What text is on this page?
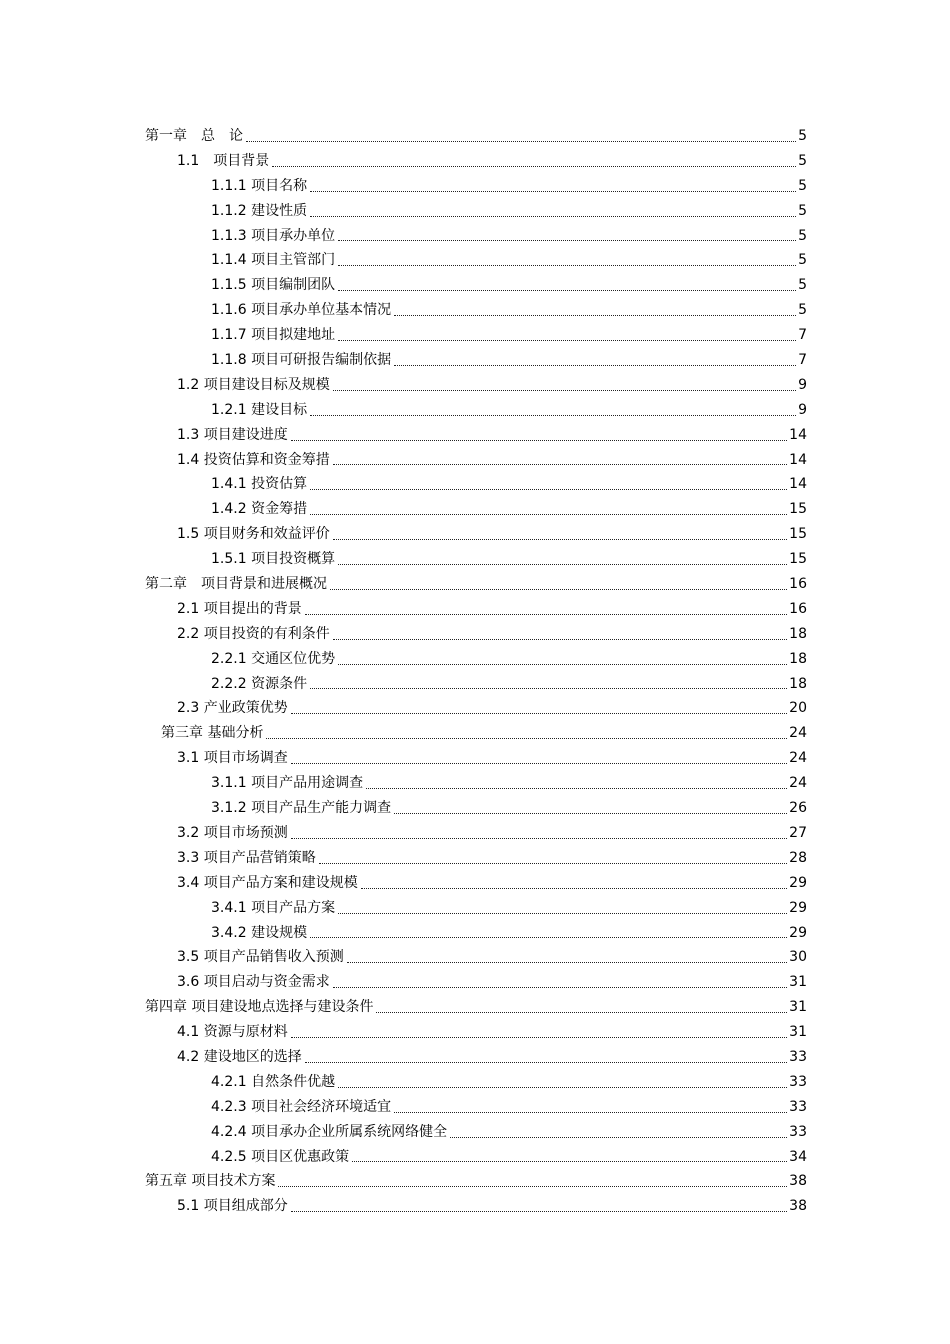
第一章　总　论	5
1.1　项目背景	5
1.1.1 项目名称	5
1.1.2 建设性质	5
1.1.3 项目承办单位	5
1.1.4 项目主管部门	5
1.1.5 项目编制团队	5
1.1.6 项目承办单位基本情况	5
1.1.7 项目拟建地址	7
1.1.8 项目可研报告编制依据	7
1.2 项目建设目标及规模	9
1.2.1 建设目标	9
1.3 项目建设进度	14
1.4 投资估算和资金筹措	14
1.4.1 投资估算	14
1.4.2 资金筹措	15
1.5 项目财务和效益评价	15
1.5.1 项目投资概算	15
第二章　项目背景和进展概况	16
2.1 项目提出的背景	16
2.2 项目投资的有利条件	18
2.2.1 交通区位优势	18
2.2.2 资源条件	18
2.3 产业政策优势	20
第三章 基础分析	24
3.1 项目市场调查	24
3.1.1 项目产品用途调查	24
3.1.2 项目产品生产能力调查	26
3.2 项目市场预测	27
3.3 项目产品营销策略	28
3.4 项目产品方案和建设规模	29
3.4.1 项目产品方案	29
3.4.2 建设规模	29
3.5 项目产品销售收入预测	30
3.6 项目启动与资金需求	31
第四章 项目建设地点选择与建设条件	31
4.1 资源与原材料	31
4.2 建设地区的选择	33
4.2.1 自然条件优越	33
4.2.3 项目社会经济环境适宜	33
4.2.4 项目承办企业所属系统网络健全	33
4.2.5 项目区优惠政策	34
第五章 项目技术方案	38
5.1 项目组成部分	38
